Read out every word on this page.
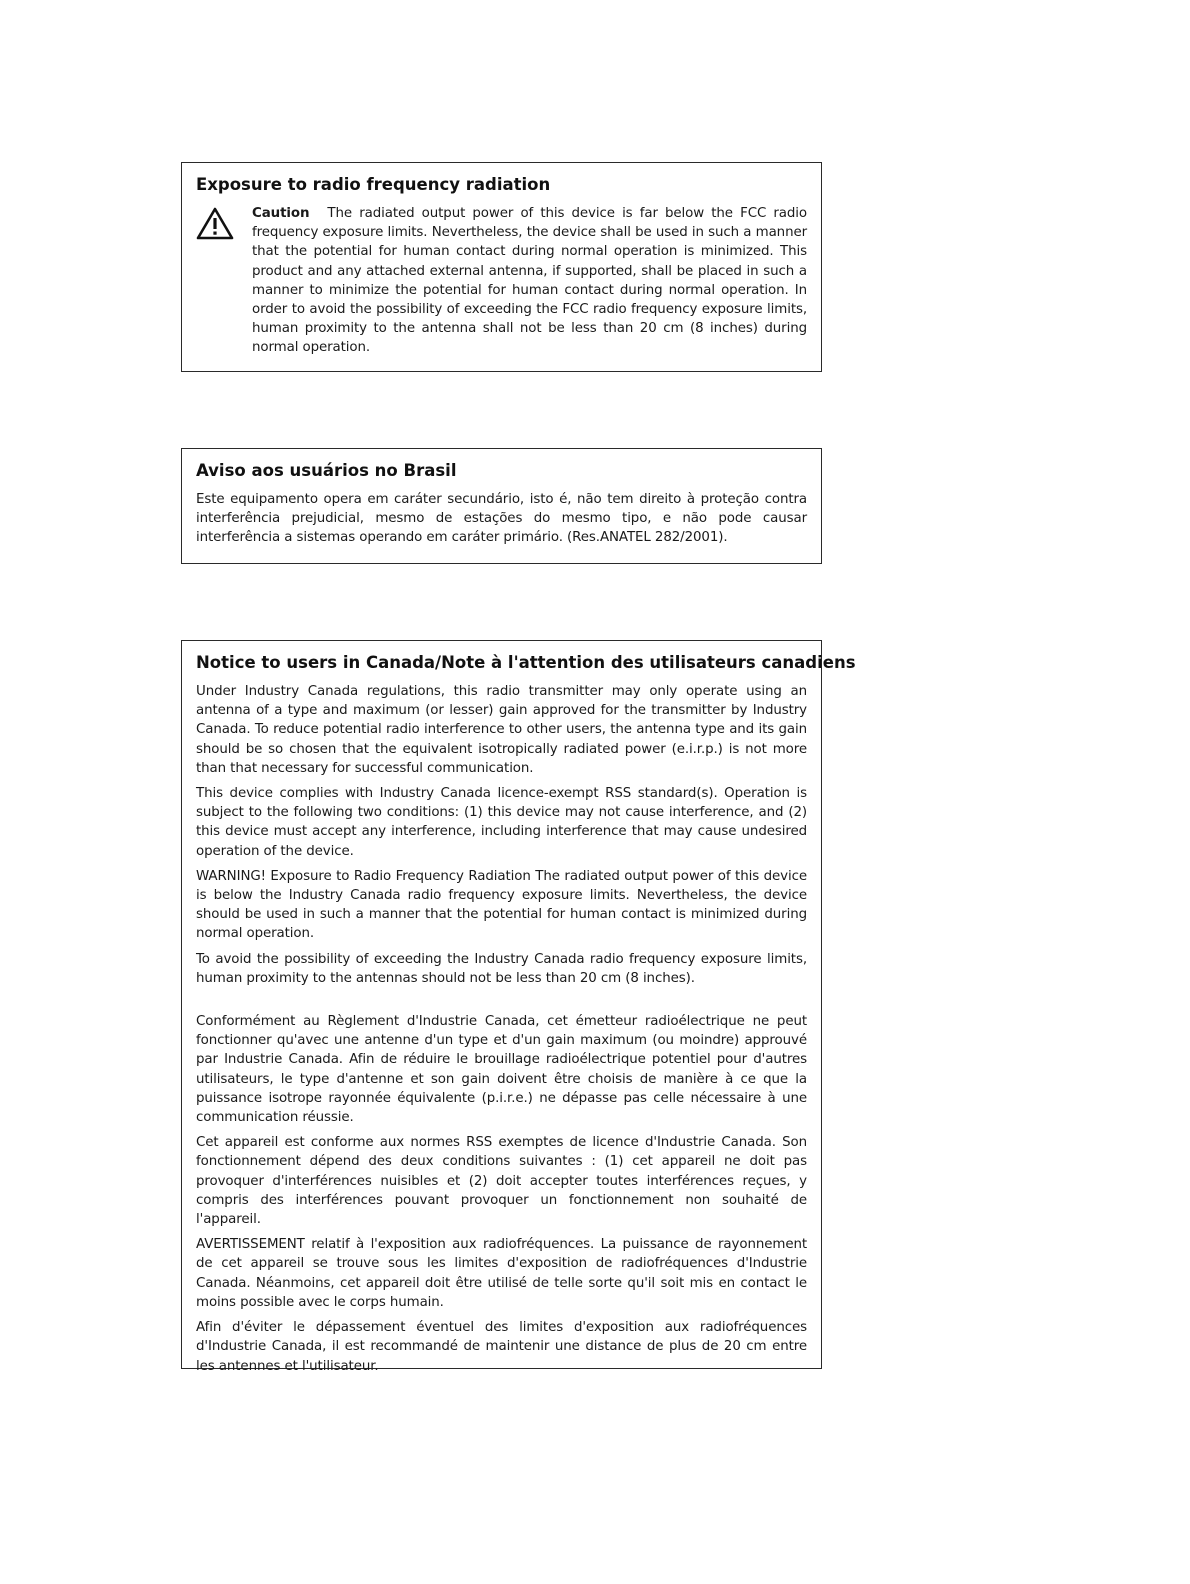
Exposure to radio frequency radiation
Caution The radiated output power of this device is far below the FCC radio frequency exposure limits. Nevertheless, the device shall be used in such a manner that the potential for human contact during normal operation is minimized. This product and any attached external antenna, if supported, shall be placed in such a manner to minimize the potential for human contact during normal operation. In order to avoid the possibility of exceeding the FCC radio frequency exposure limits, human proximity to the antenna shall not be less than 20 cm (8 inches) during normal operation.
Aviso aos usuários no Brasil
Este equipamento opera em caráter secundário, isto é, não tem direito à proteção contra interferência prejudicial, mesmo de estações do mesmo tipo, e não pode causar interferência a sistemas operando em caráter primário. (Res.ANATEL 282/2001).
Notice to users in Canada/Note à l'attention des utilisateurs canadiens
Under Industry Canada regulations, this radio transmitter may only operate using an antenna of a type and maximum (or lesser) gain approved for the transmitter by Industry Canada. To reduce potential radio interference to other users, the antenna type and its gain should be so chosen that the equivalent isotropically radiated power (e.i.r.p.) is not more than that necessary for successful communication.
This device complies with Industry Canada licence-exempt RSS standard(s). Operation is subject to the following two conditions: (1) this device may not cause interference, and (2) this device must accept any interference, including interference that may cause undesired operation of the device.
WARNING! Exposure to Radio Frequency Radiation The radiated output power of this device is below the Industry Canada radio frequency exposure limits. Nevertheless, the device should be used in such a manner that the potential for human contact is minimized during normal operation.
To avoid the possibility of exceeding the Industry Canada radio frequency exposure limits, human proximity to the antennas should not be less than 20 cm (8 inches).
Conformément au Règlement d'Industrie Canada, cet émetteur radioélectrique ne peut fonctionner qu'avec une antenne d'un type et d'un gain maximum (ou moindre) approuvé par Industrie Canada. Afin de réduire le brouillage radioélectrique potentiel pour d'autres utilisateurs, le type d'antenne et son gain doivent être choisis de manière à ce que la puissance isotrope rayonnée équivalente (p.i.r.e.) ne dépasse pas celle nécessaire à une communication réussie.
Cet appareil est conforme aux normes RSS exemptes de licence d'Industrie Canada. Son fonctionnement dépend des deux conditions suivantes : (1) cet appareil ne doit pas provoquer d'interférences nuisibles et (2) doit accepter toutes interférences reçues, y compris des interférences pouvant provoquer un fonctionnement non souhaité de l'appareil.
AVERTISSEMENT relatif à l'exposition aux radiofréquences. La puissance de rayonnement de cet appareil se trouve sous les limites d'exposition de radiofréquences d'Industrie Canada. Néanmoins, cet appareil doit être utilisé de telle sorte qu'il soit mis en contact le moins possible avec le corps humain.
Afin d'éviter le dépassement éventuel des limites d'exposition aux radiofréquences d'Industrie Canada, il est recommandé de maintenir une distance de plus de 20 cm entre les antennes et l'utilisateur.
